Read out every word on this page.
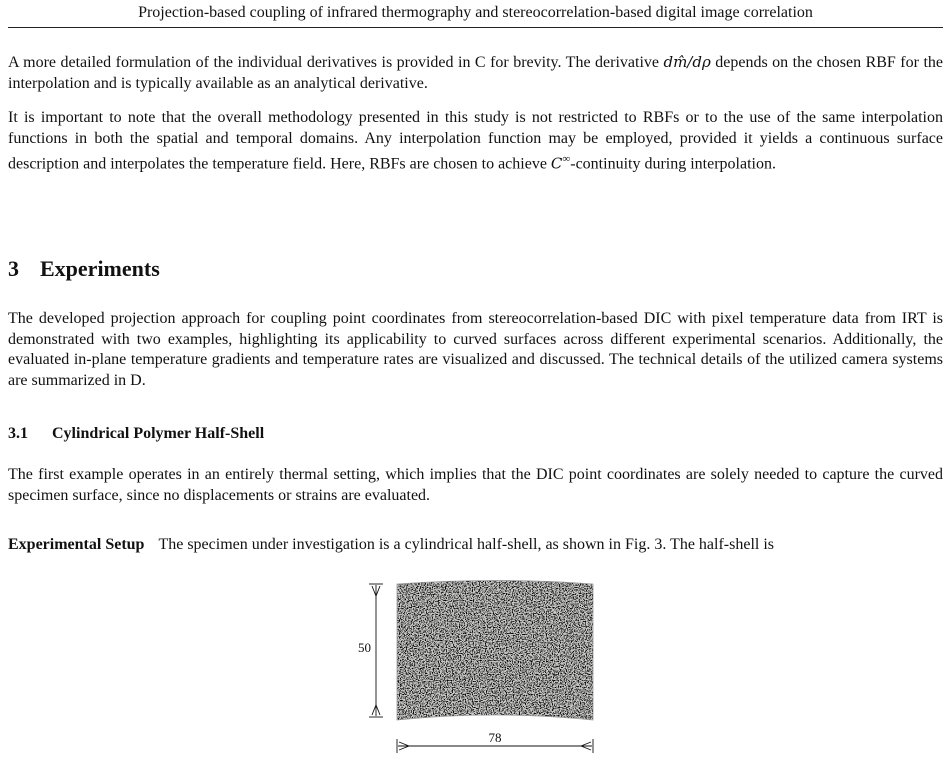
Projection-based coupling of infrared thermography and stereocorrelation-based digital image correlation

A more detailed formulation of the individual derivatives is provided in C for brevity. The derivative dm̂/dρ depends on the chosen RBF for the interpolation and is typically available as an analytical derivative.

It is important to note that the overall methodology presented in this study is not restricted to RBFs or to the use of the same interpolation functions in both the spatial and temporal domains. Any interpolation function may be employed, provided it yields a continuous surface description and interpolates the temperature field. Here, RBFs are chosen to achieve C∞-continuity during interpolation.

3 Experiments

The developed projection approach for coupling point coordinates from stereocorrelation-based DIC with pixel temperature data from IRT is demonstrated with two examples, highlighting its applicability to curved surfaces across different experimental scenarios. Additionally, the evaluated in-plane temperature gradients and temperature rates are visualized and discussed. The technical details of the utilized camera systems are summarized in D.

3.1 Cylindrical Polymer Half-Shell

The first example operates in an entirely thermal setting, which implies that the DIC point coordinates are solely needed to capture the curved specimen surface, since no displacements or strains are evaluated.

Experimental Setup The specimen under investigation is a cylindrical half-shell, as shown in Fig. 3. The half-shell is

50
78
